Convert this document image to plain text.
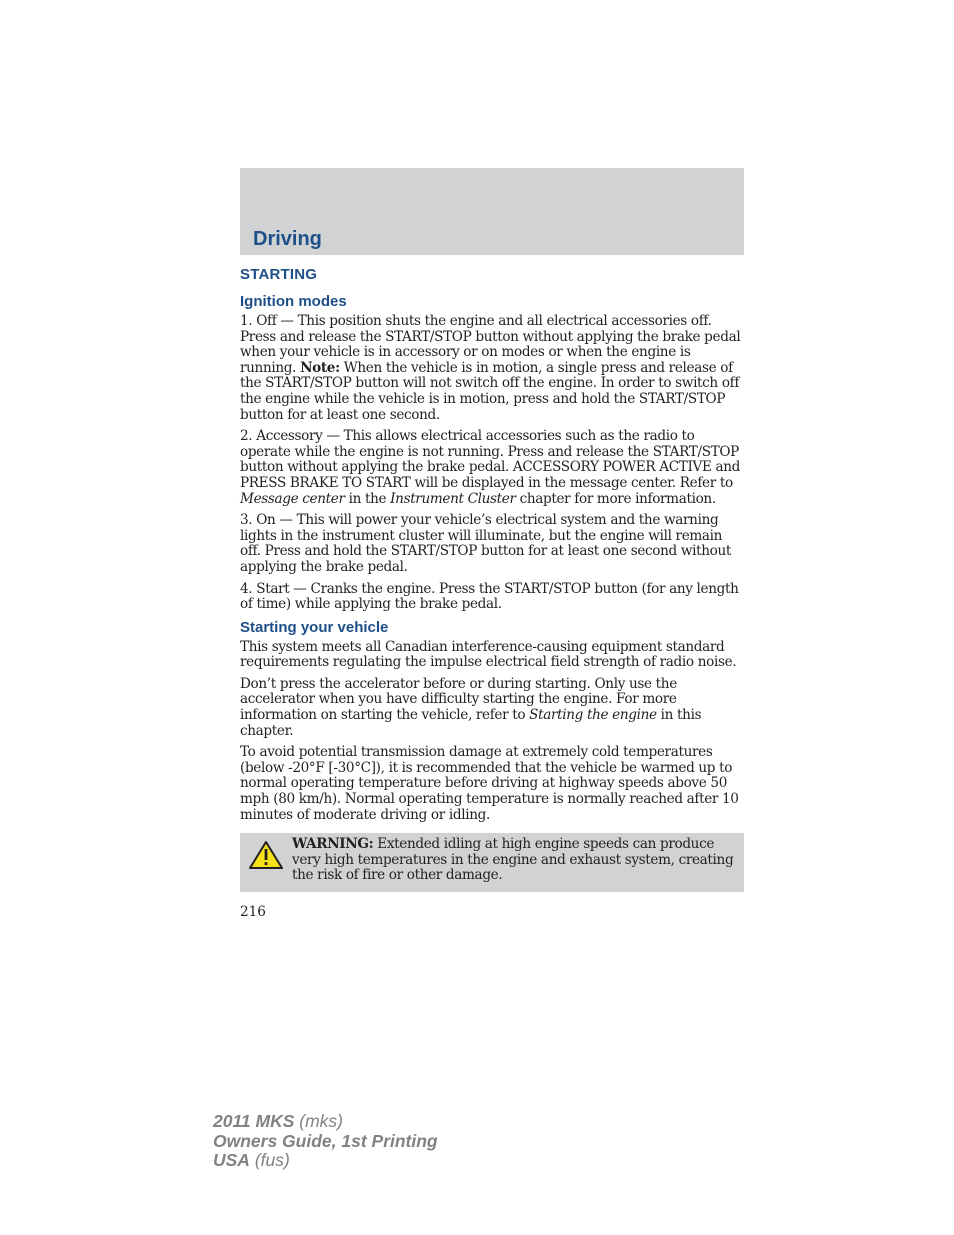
Driving
STARTING
Ignition modes

1. Off — This position shuts the engine and all electrical accessories off. Press and release the START/STOP button without applying the brake pedal when your vehicle is in accessory or on modes or when the engine is running. Note: When the vehicle is in motion, a single press and release of the START/STOP button will not switch off the engine. In order to switch off the engine while the vehicle is in motion, press and hold the START/STOP button for at least one second.

2. Accessory — This allows electrical accessories such as the radio to operate while the engine is not running. Press and release the START/STOP button without applying the brake pedal. ACCESSORY POWER ACTIVE and PRESS BRAKE TO START will be displayed in the message center. Refer to Message center in the Instrument Cluster chapter for more information.

3. On — This will power your vehicle’s electrical system and the warning lights in the instrument cluster will illuminate, but the engine will remain off. Press and hold the START/STOP button for at least one second without applying the brake pedal.

4. Start — Cranks the engine. Press the START/STOP button (for any length of time) while applying the brake pedal.

Starting your vehicle

This system meets all Canadian interference-causing equipment standard requirements regulating the impulse electrical field strength of radio noise.

Don’t press the accelerator before or during starting. Only use the accelerator when you have difficulty starting the engine. For more information on starting the vehicle, refer to Starting the engine in this chapter.

To avoid potential transmission damage at extremely cold temperatures (below -20°F [-30°C]), it is recommended that the vehicle be warmed up to normal operating temperature before driving at highway speeds above 50 mph (80 km/h). Normal operating temperature is normally reached after 10 minutes of moderate driving or idling.

WARNING: Extended idling at high engine speeds can produce very high temperatures in the engine and exhaust system, creating the risk of fire or other damage.

216
2011 MKS (mks)
Owners Guide, 1st Printing
USA (fus)
